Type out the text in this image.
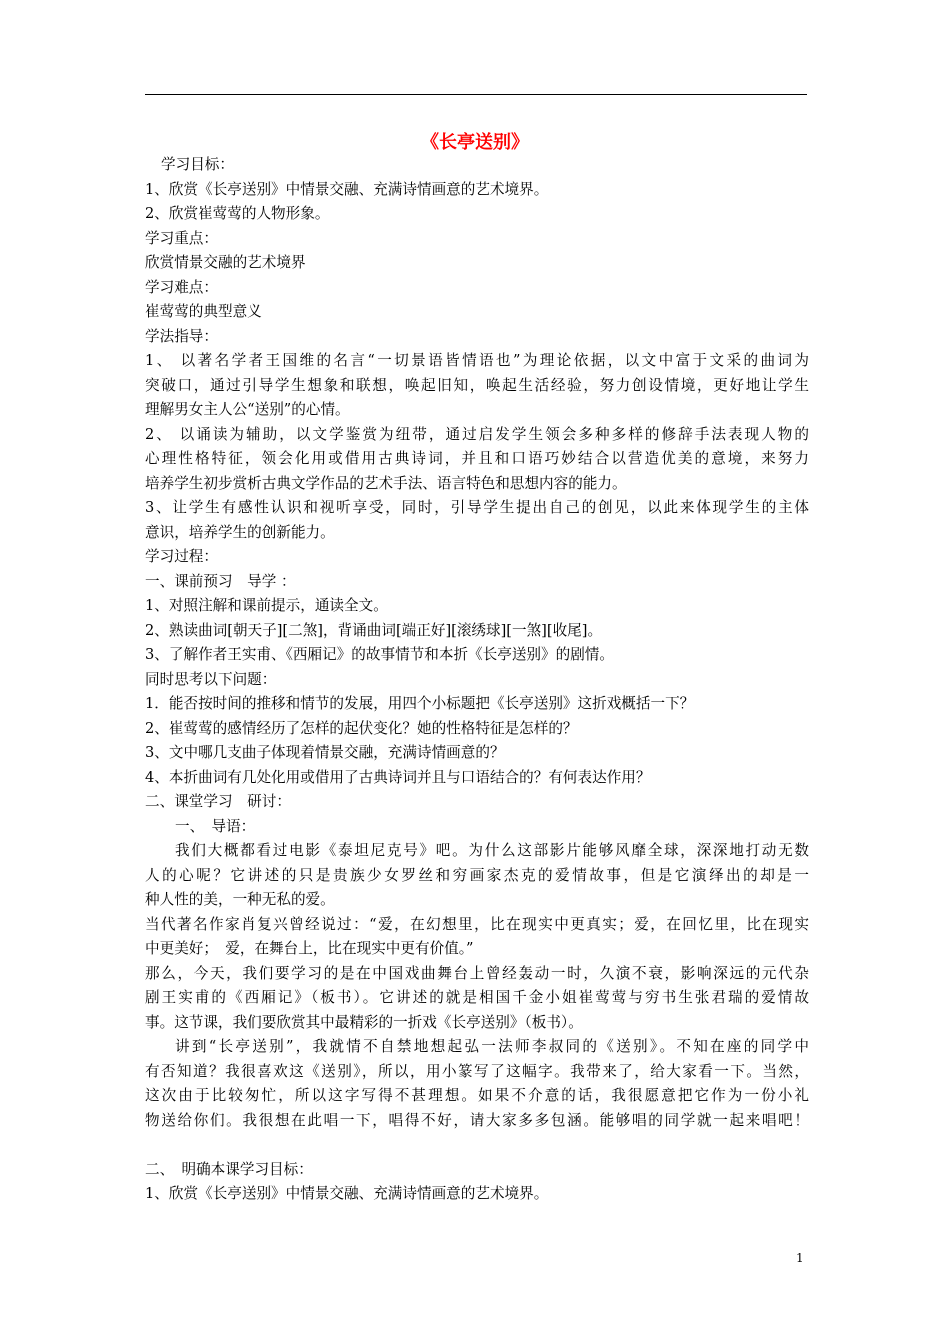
《长亭送别》
学习目标：
1、欣赏《长亭送别》中情景交融、充满诗情画意的艺术境界。
2、欣赏崔莺莺的人物形象。
学习重点：
欣赏情景交融的艺术境界
学习难点：
崔莺莺的典型意义
学法指导：
1、 以著名学者王国维的名言“一切景语皆情语也”为理论依据，以文中富于文采的曲词为
突破口，通过引导学生想象和联想，唤起旧知，唤起生活经验，努力创设情境，更好地让学生
理解男女主人公“送别”的心情。
2、 以诵读为辅助，以文学鉴赏为纽带，通过启发学生领会多种多样的修辞手法表现人物的
心理性格特征，领会化用或借用古典诗词，并且和口语巧妙结合以营造优美的意境，来努力
培养学生初步赏析古典文学作品的艺术手法、语言特色和思想内容的能力。
3、让学生有感性认识和视听享受，同时，引导学生提出自己的创见，以此来体现学生的主体
意识，培养学生的创新能力。
学习过程：
一、课前预习　导学 ：
1、对照注解和课前提示，通读全文。
2、熟读曲词[朝天子][二煞]，背诵曲词[端正好][滚绣球][一煞][收尾]。
3、了解作者王实甫、《西厢记》的故事情节和本折《长亭送别》的剧情。
同时思考以下问题：
1．能否按时间的推移和情节的发展，用四个小标题把《长亭送别》这折戏概括一下？
2、崔莺莺的感情经历了怎样的起伏变化？她的性格特征是怎样的？
3、文中哪几支曲子体现着情景交融，充满诗情画意的？
4、本折曲词有几处化用或借用了古典诗词并且与口语结合的？有何表达作用？
二、课堂学习　研讨：
一、　导语：
我们大概都看过电影《泰坦尼克号》吧。为什么这部影片能够风靡全球，深深地打动无数
人的心呢？它讲述的只是贵族少女罗丝和穷画家杰克的爱情故事，但是它演绎出的却是一
种人性的美，一种无私的爱。
当代著名作家肖复兴曾经说过：“爱，在幻想里，比在现实中更真实；爱，在回忆里，比在现实
中更美好；　爱，在舞台上，比在现实中更有价值。”
那么，今天，我们要学习的是在中国戏曲舞台上曾经轰动一时，久演不衰，影响深远的元代杂
剧王实甫的《西厢记》（板书）。它讲述的就是相国千金小姐崔莺莺与穷书生张君瑞的爱情故
事。这节课，我们要欣赏其中最精彩的一折戏《长亭送别》（板书）。
讲到“长亭送别”，我就情不自禁地想起弘一法师李叔同的《送别》。不知在座的同学中
有否知道？我很喜欢这《送别》，所以，用小篆写了这幅字。我带来了，给大家看一下。当然，
这次由于比较匆忙，所以这字写得不甚理想。如果不介意的话，我很愿意把它作为一份小礼
物送给你们。我很想在此唱一下，唱得不好，请大家多多包涵。能够唱的同学就一起来唱吧！
二、　明确本课学习目标：
1、欣赏《长亭送别》中情景交融、充满诗情画意的艺术境界。
1
